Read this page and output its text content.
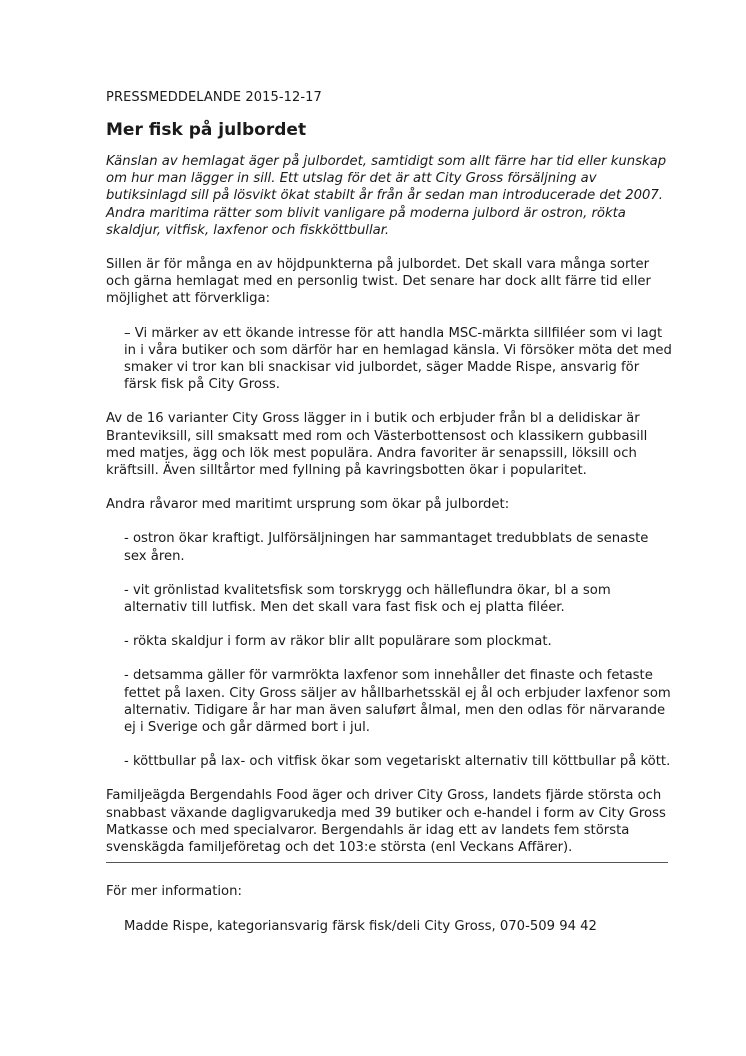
PRESSMEDDELANDE 2015-12-17

Mer fisk på julbordet

Känslan av hemlagat äger på julbordet, samtidigt som allt färre har tid eller kunskap om hur man lägger in sill. Ett utslag för det är att City Gross försäljning av butiksinlagd sill på lösvikt ökat stabilt år från år sedan man introducerade det 2007. Andra maritima rätter som blivit vanligare på moderna julbord är ostron, rökta skaldjur, vitfisk, laxfenor och fiskköttbullar.

Sillen är för många en av höjdpunkterna på julbordet. Det skall vara många sorter och gärna hemlagat med en personlig twist. Det senare har dock allt färre tid eller möjlighet att förverkliga:

– Vi märker av ett ökande intresse för att handla MSC-märkta sillfiléer som vi lagt in i våra butiker och som därför har en hemlagad känsla. Vi försöker möta det med smaker vi tror kan bli snackisar vid julbordet, säger Madde Rispe, ansvarig för färsk fisk på City Gross.

Av de 16 varianter City Gross lägger in i butik och erbjuder från bl a delidiskar är Branteviksill, sill smaksatt med rom och Västerbottensost och klassikern gubbasill med matjes, ägg och lök mest populära. Andra favoriter är senapssill, löksill och kräftsill. Även silltårtor med fyllning på kavringsbotten ökar i popularitet.

Andra råvaror med maritimt ursprung som ökar på julbordet:

- ostron ökar kraftigt. Julförsäljningen har sammantaget tredubblats de senaste sex åren.

- vit grönlistad kvalitetsfisk som torskrygg och hälleflundra ökar, bl a som alternativ till lutfisk. Men det skall vara fast fisk och ej platta filéer.

- rökta skaldjur i form av räkor blir allt populärare som plockmat.

- detsamma gäller för varmrökta laxfenor som innehåller det finaste och fetaste fettet på laxen. City Gross säljer av hållbarhetsskäl ej ål och erbjuder laxfenor som alternativ. Tidigare år har man även saluført ålmal, men den odlas för närvarande ej i Sverige och går därmed bort i jul.

- köttbullar på lax- och vitfisk ökar som vegetariskt alternativ till köttbullar på kött.

Familjeägda Bergendahls Food äger och driver City Gross, landets fjärde största och snabbast växande dagligvarukedja med 39 butiker och e-handel i form av City Gross Matkasse och med specialvaror. Bergendahls är idag ett av landets fem största svenskägda familjeföretag och det 103:e största (enl Veckans Affärer).

För mer information:

Madde Rispe, kategoriansvarig färsk fisk/deli City Gross, 070-509 94 42
